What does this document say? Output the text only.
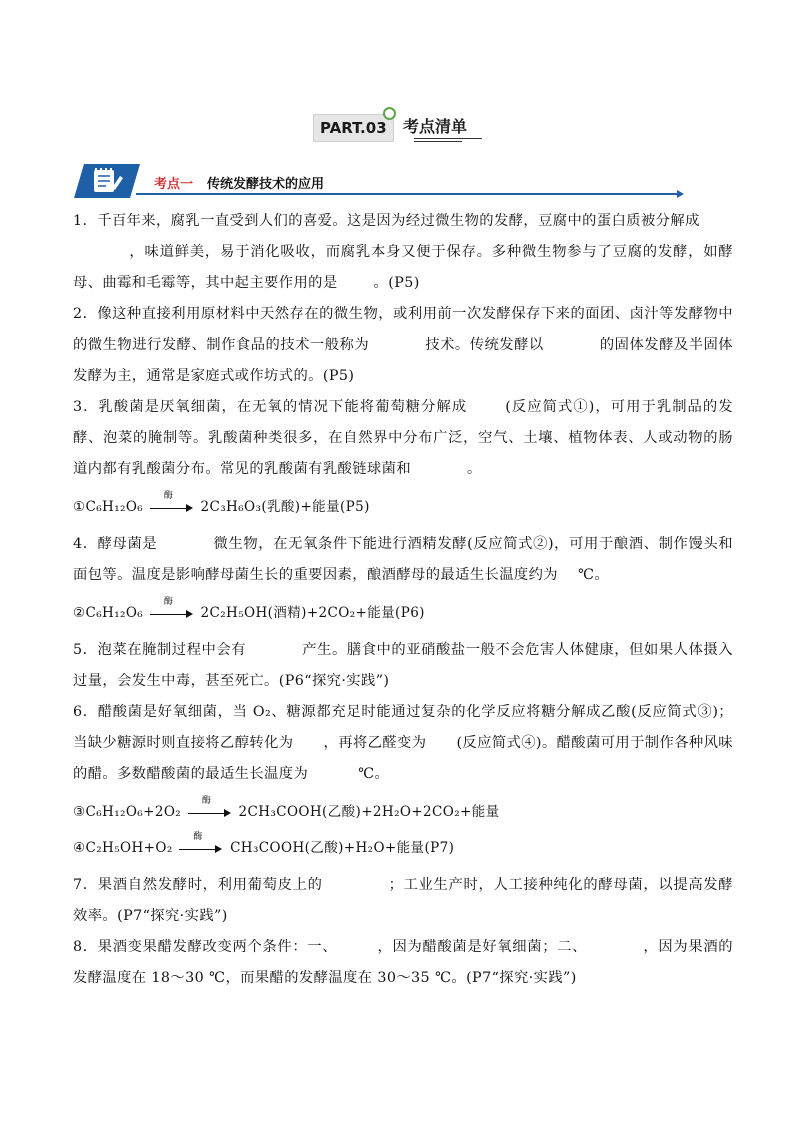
PART.03	考点清单
考点一 传统发酵技术的应用

1．千百年来，腐乳一直受到人们的喜爱。这是因为经过微生物的发酵，豆腐中的蛋白质被分解成
，味道鲜美，易于消化吸收，而腐乳本身又便于保存。多种微生物参与了豆腐的发酵，如酵母、曲霉和毛霉等，其中起主要作用的是	。(P5)

2．像这种直接利用原材料中天然存在的微生物，或利用前一次发酵保存下来的面团、卤汁等发酵物中的微生物进行发酵、制作食品的技术一般称为	技术。传统发酵以	的固体发酵及半固体发酵为主，通常是家庭式或作坊式的。(P5)

3．乳酸菌是厌氧细菌，在无氧的情况下能将葡萄糖分解成	(反应简式①)，可用于乳制品的发酵、泡菜的腌制等。乳酸菌种类很多，在自然界中分布广泛，空气、土壤、植物体表、人或动物的肠道内都有乳酸菌分布。常见的乳酸菌有乳酸链球菌和	。

①C₆H₁₂O₆
酶
2C₃H₆O₃(乳酸)+能量(P5)

4．酵母菌是	微生物，在无氧条件下能进行酒精发酵(反应简式②)，可用于酿酒、制作馒头和面包等。温度是影响酵母菌生长的重要因素，酿酒酵母的最适生长温度约为 ℃。

②C₆H₁₂O₆
酶
2C₂H₅OH(酒精)+2CO₂+能量(P6)

5．泡菜在腌制过程中会有	产生。膳食中的亚硝酸盐一般不会危害人体健康，但如果人体摄入过量，会发生中毒，甚至死亡。(P6“探究·实践”)

6．醋酸菌是好氧细菌，当 O₂、糖源都充足时能通过复杂的化学反应将糖分解成乙酸(反应简式③)；当缺少糖源时则直接将乙醇转化为 ，再将乙醛变为 (反应简式④)。醋酸菌可用于制作各种风味的醋。多数醋酸菌的最适生长温度为	℃。

③C₆H₁₂O₆+2O₂
酶
2CH₃COOH(乙酸)+2H₂O+2CO₂+能量

④C₂H₅OH+O₂
酶
CH₃COOH(乙酸)+H₂O+能量(P7)

7．果酒自然发酵时，利用葡萄皮上的	；工业生产时，人工接种纯化的酵母菌，以提高发酵效率。(P7“探究·实践”)

8．果酒变果醋发酵改变两个条件：一、	，因为醋酸菌是好氧细菌；二、	，因为果酒的发酵温度在 18～30 ℃，而果醋的发酵温度在 30～35 ℃。(P7“探究·实践”)
